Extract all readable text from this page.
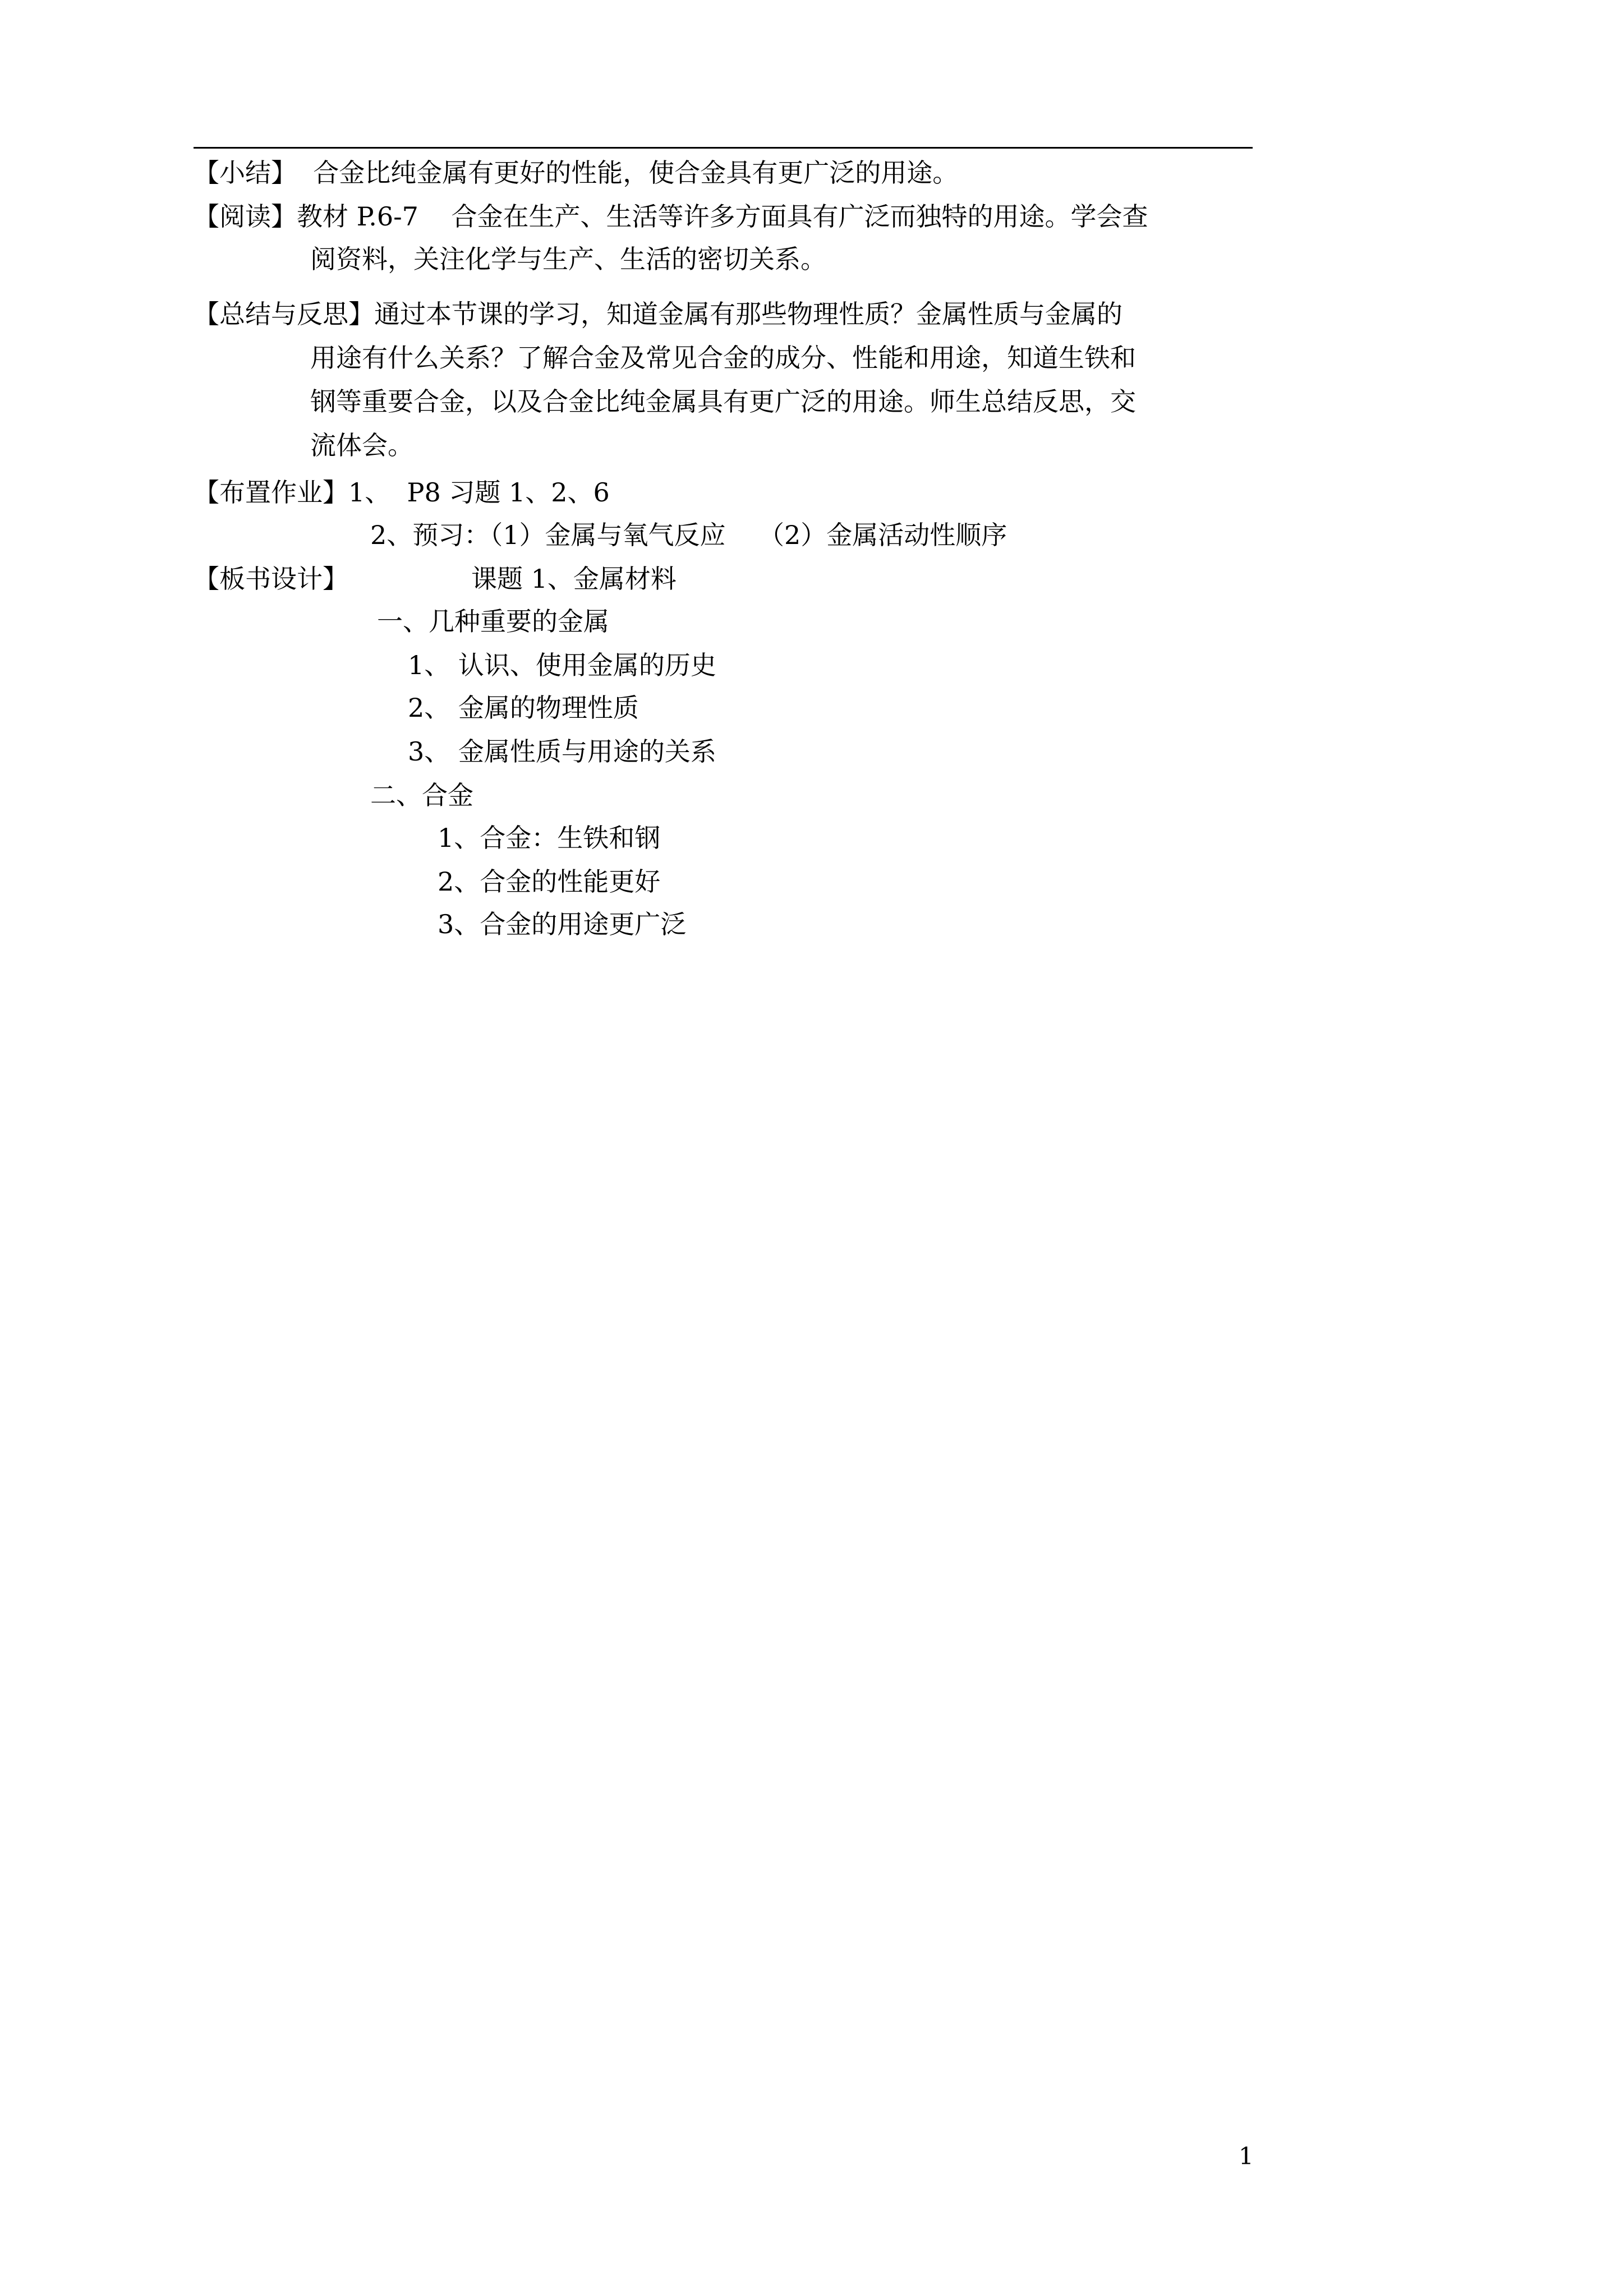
【小结】  合金比纯金属有更好的性能，使合金具有更广泛的用途。
【阅读】教材 P.6-7    合金在生产、生活等许多方面具有广泛而独特的用途。学会查
阅资料，关注化学与生产、生活的密切关系。
【总结与反思】通过本节课的学习，知道金属有那些物理性质？金属性质与金属的
用途有什么关系？了解合金及常见合金的成分、性能和用途，知道生铁和
钢等重要合金，以及合金比纯金属具有更广泛的用途。师生总结反思，交
流体会。
【布置作业】1、  P8 习题 1、2、6
2、预习：（1）金属与氧气反应    （2）金属活动性顺序
【板书设计】	课题 1、金属材料
一、几种重要的金属
1、 认识、使用金属的历史
2、 金属的物理性质
3、 金属性质与用途的关系
二、合金
1、合金：生铁和钢
2、合金的性能更好
3、合金的用途更广泛
1
